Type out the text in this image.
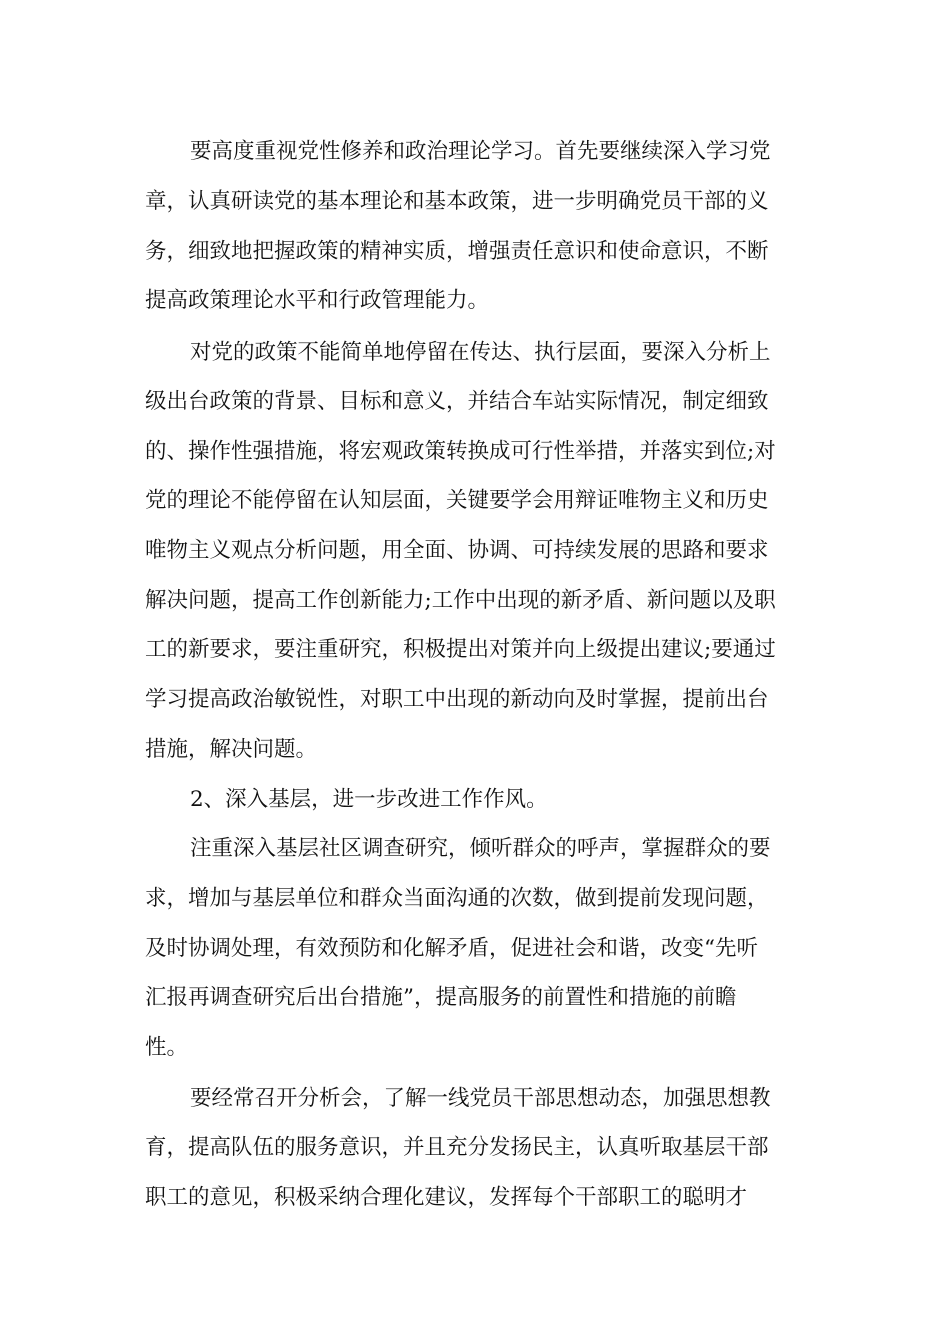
要高度重视党性修养和政治理论学习。首先要继续深入学习党
章，认真研读党的基本理论和基本政策，进一步明确党员干部的义
务，细致地把握政策的精神实质，增强责任意识和使命意识，不断
提高政策理论水平和行政管理能力。
对党的政策不能简单地停留在传达、执行层面，要深入分析上
级出台政策的背景、目标和意义，并结合车站实际情况，制定细致
的、操作性强措施，将宏观政策转换成可行性举措，并落实到位;对
党的理论不能停留在认知层面，关键要学会用辩证唯物主义和历史
唯物主义观点分析问题，用全面、协调、可持续发展的思路和要求
解决问题，提高工作创新能力;工作中出现的新矛盾、新问题以及职
工的新要求，要注重研究，积极提出对策并向上级提出建议;要通过
学习提高政治敏锐性，对职工中出现的新动向及时掌握，提前出台
措施，解决问题。
2、深入基层，进一步改进工作作风。
注重深入基层社区调查研究，倾听群众的呼声，掌握群众的要
求，增加与基层单位和群众当面沟通的次数，做到提前发现问题，
及时协调处理，有效预防和化解矛盾，促进社会和谐，改变“先听
汇报再调查研究后出台措施”，提高服务的前置性和措施的前瞻
性。
要经常召开分析会，了解一线党员干部思想动态，加强思想教
育，提高队伍的服务意识，并且充分发扬民主，认真听取基层干部
职工的意见，积极采纳合理化建议，发挥每个干部职工的聪明才
